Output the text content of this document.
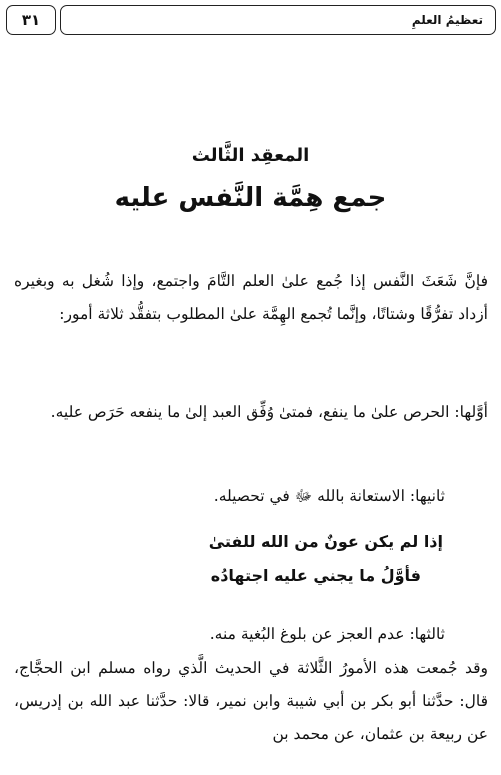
تعظيمُ العلمِ
٣١
المعقِد الثَّالث
جمع هِمَّة النَّفس عليه
فإنَّ شَعَثَ النَّفس إذا جُمع علىٰ العلم التَّامَ واجتمع، وإذا شُغل به وبغيره أزداد تفرُّقًا وشتاتًا، وإنَّما تُجمع الهِمَّة علىٰ المطلوب بتفقُّد ثلاثة أمور:
أوَّلها: الحرص علىٰ ما ينفع، فمتىٰ وُفِّق العبد إلىٰ ما ينفعه حَرَص عليه.
ثانيها: الاستعانة بالله ﷻ في تحصيله.
إذا لم يكن عونٌ من الله للفتىٰ
فأوَّلُ ما يجني عليه اجتهادُه
ثالثها: عدم العجز عن بلوغ البُغية منه.
وقد جُمعت هذه الأمورُ الثَّلاثة في الحديث الَّذي رواه مسلم ابن الحجَّاج، قال: حدَّثنا أبو بكر بن أبي شيبة وابن نمير، قالا: حدَّثنا عبد الله بن إدريس، عن ربيعة بن عثمان، عن محمد بن
